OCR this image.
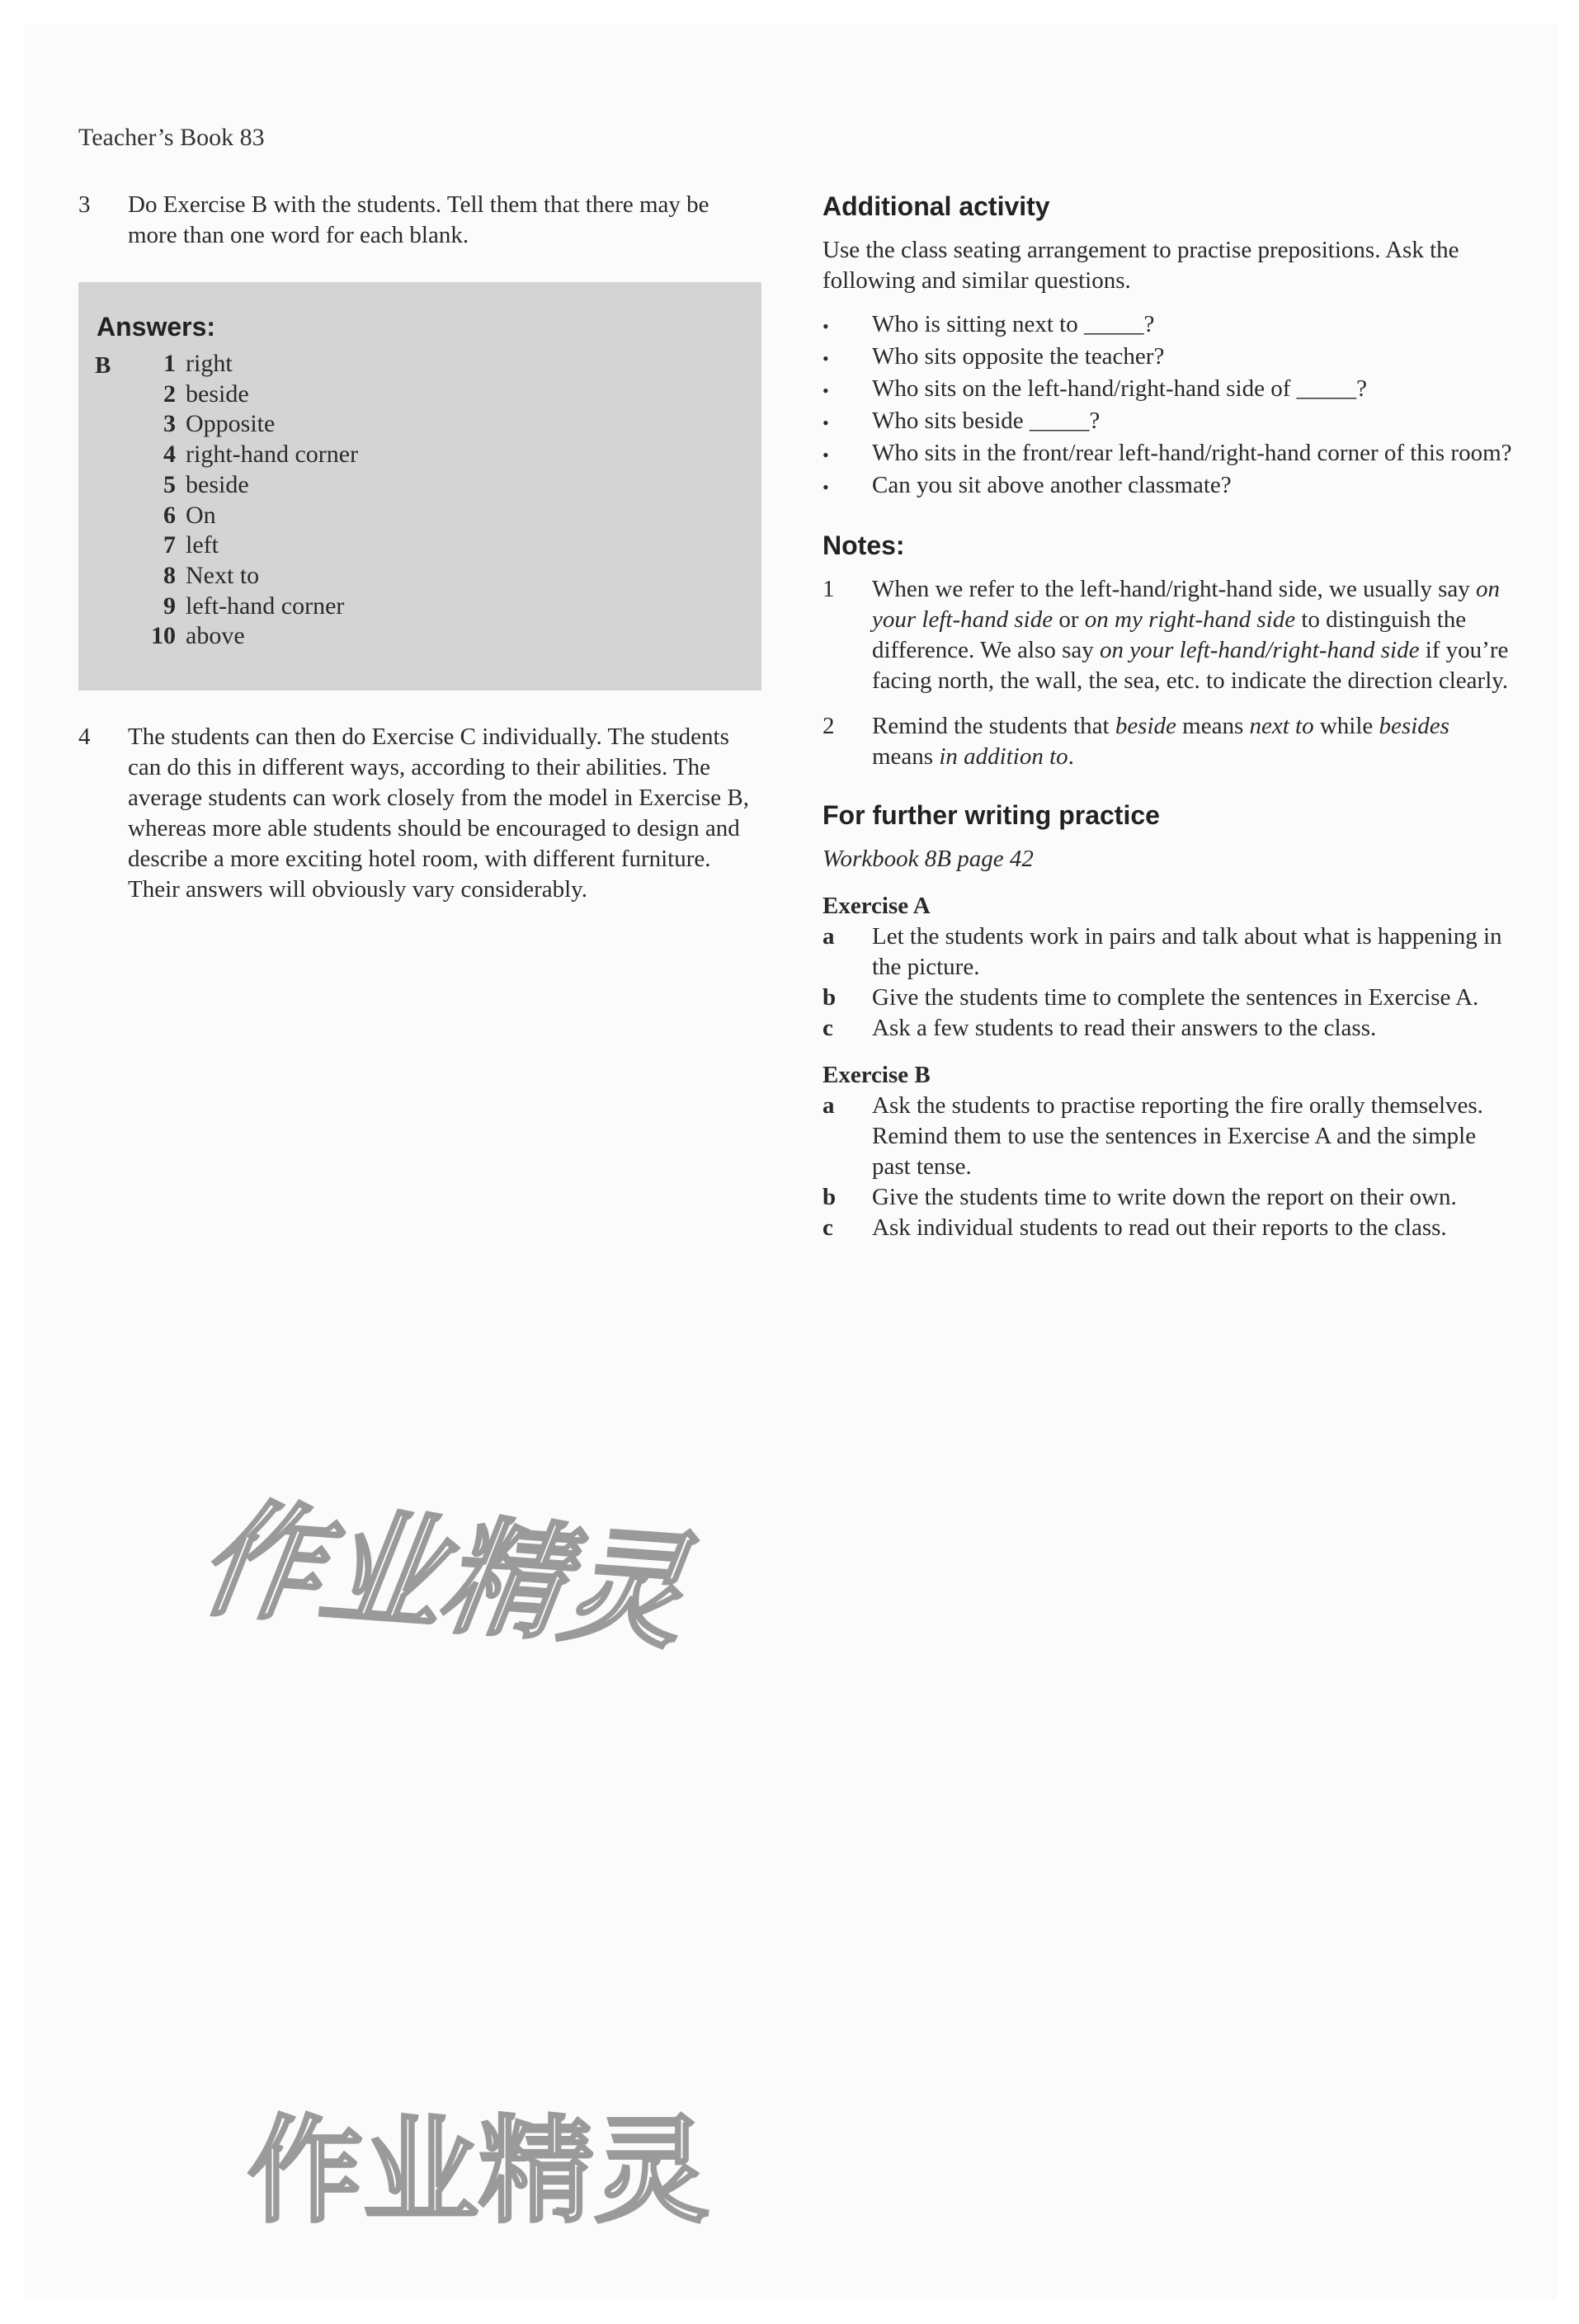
Teacher’s Book 83
3	Do Exercise B with the students. Tell them that there may be more than one word for each blank.
Answers:
B	1 right
2 beside
3 Opposite
4 right-hand corner
5 beside
6 On
7 left
8 Next to
9 left-hand corner
10 above
4	The students can then do Exercise C individually. The students can do this in different ways, according to their abilities. The average students can work closely from the model in Exercise B, whereas more able students should be encouraged to design and describe a more exciting hotel room, with different furniture. Their answers will obviously vary considerably.
Additional activity
Use the class seating arrangement to practise prepositions. Ask the following and similar questions.
•	Who is sitting next to _____?
•	Who sits opposite the teacher?
•	Who sits on the left-hand/right-hand side of _____?
•	Who sits beside _____?
•	Who sits in the front/rear left-hand/right-hand corner of this room?
•	Can you sit above another classmate?
Notes:
1	When we refer to the left-hand/right-hand side, we usually say on your left-hand side or on my right-hand side to distinguish the difference. We also say on your left-hand/right-hand side if you’re facing north, the wall, the sea, etc. to indicate the direction clearly.
2	Remind the students that beside means next to while besides means in addition to.
For further writing practice
Workbook 8B page 42
Exercise A
a	Let the students work in pairs and talk about what is happening in the picture.
b	Give the students time to complete the sentences in Exercise A.
c	Ask a few students to read their answers to the class.
Exercise B
a	Ask the students to practise reporting the fire orally themselves. Remind them to use the sentences in Exercise A and the simple past tense.
b	Give the students time to write down the report on their own.
c	Ask individual students to read out their reports to the class.
作业精灵
作业精灵
